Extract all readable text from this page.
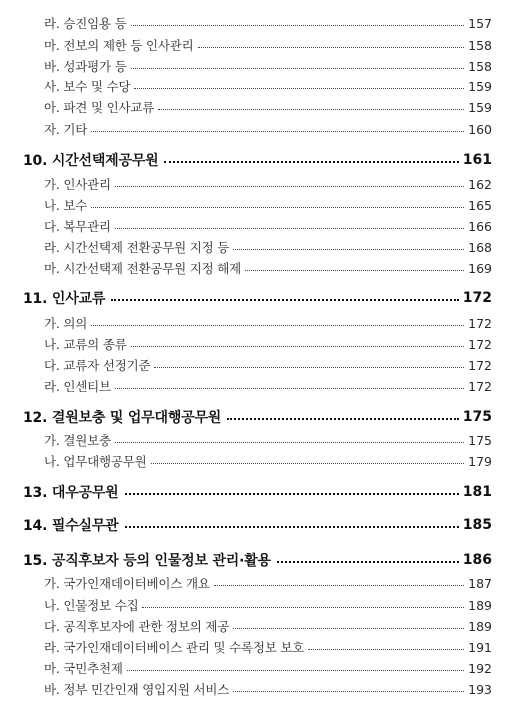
라. 승진임용 등	157
마. 전보의 제한 등 인사관리	158
바. 성과평가 등	158
사. 보수 및 수당	159
아. 파견 및 인사교류	159
자. 기타	160
10. 시간선택제공무원	161
가. 인사관리	162
나. 보수	165
다. 복무관리	166
라. 시간선택제 전환공무원 지정 등	168
마. 시간선택제 전환공무원 지정 해제	169
11. 인사교류	172
가. 의의	172
나. 교류의 종류	172
다. 교류자 선정기준	172
라. 인센티브	172
12. 결원보충 및 업무대행공무원	175
가. 결원보충	175
나. 업무대행공무원	179
13. 대우공무원	181
14. 필수실무관	185
15. 공직후보자 등의 인물정보 관리·활용	186
가. 국가인재데이터베이스 개요	187
나. 인물정보 수집	189
다. 공직후보자에 관한 정보의 제공	189
라. 국가인재데이터베이스 관리 및 수록정보 보호	191
마. 국민추천제	192
바. 정부 민간인재 영입지원 서비스	193
